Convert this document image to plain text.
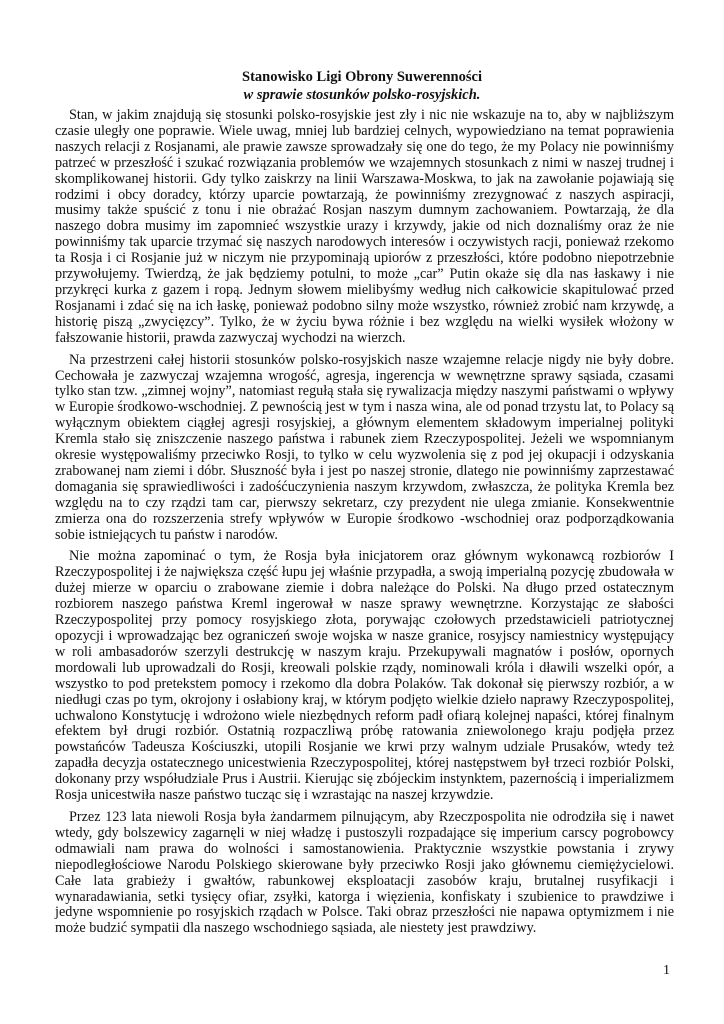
Stanowisko Ligi Obrony Suwerenności
w sprawie stosunków polsko-rosyjskich.

Stan, w jakim znajdują się stosunki polsko-rosyjskie jest zły i nic nie wskazuje na to, aby w najbliższym czasie uległy one poprawie. Wiele uwag, mniej lub bardziej celnych, wypowiedziano na temat poprawienia naszych relacji z Rosjanami, ale prawie zawsze sprowadzały się one do tego, że my Polacy nie powinniśmy patrzeć w przeszłość i szukać rozwiązania problemów we wzajemnych stosunkach z nimi w naszej trudnej i skomplikowanej historii. Gdy tylko zaiskrzy na linii Warszawa-Moskwa, to jak na zawołanie pojawiają się rodzimi i obcy doradcy, którzy uparcie powtarzają, że powinniśmy zrezygnować z naszych aspiracji, musimy także spuścić z tonu i nie obrażać Rosjan naszym dumnym zachowaniem. Powtarzają, że dla naszego dobra musimy im zapomnieć wszystkie urazy i krzywdy, jakie od nich doznaliśmy oraz że nie powinniśmy tak uparcie trzymać się naszych narodowych interesów i oczywistych racji, ponieważ rzekomo ta Rosja i ci Rosjanie już w niczym nie przypominają upiorów z przeszłości, które podobno niepotrzebnie przywołujemy. Twierdzą, że jak będziemy potulni, to może „car” Putin okaże się dla nas łaskawy i nie przykręci kurka z gazem i ropą. Jednym słowem mielibyśmy według nich całkowicie skapitulować przed Rosjanami i zdać się na ich łaskę, ponieważ podobno silny może wszystko, również zrobić nam krzywdę, a historię piszą „zwycięzcy”. Tylko, że w życiu bywa różnie i bez względu na wielki wysiłek włożony w fałszowanie historii, prawda zazwyczaj wychodzi na wierzch.

Na przestrzeni całej historii stosunków polsko-rosyjskich nasze wzajemne relacje nigdy nie były dobre. Cechowała je zazwyczaj wzajemna wrogość, agresja, ingerencja w wewnętrzne sprawy sąsiada, czasami tylko stan tzw. „zimnej wojny”, natomiast regułą stała się rywalizacja między naszymi państwami o wpływy w Europie środkowo-wschodniej. Z pewnością jest w tym i nasza wina, ale od ponad trzystu lat, to Polacy są wyłącznym obiektem ciągłej agresji rosyjskiej, a głównym elementem składowym imperialnej polityki Kremla stało się zniszczenie naszego państwa i rabunek ziem Rzeczypospolitej. Jeżeli we wspomnianym okresie występowaliśmy przeciwko Rosji, to tylko w celu wyzwolenia się z pod jej okupacji i odzyskania zrabowanej nam ziemi i dóbr. Słuszność była i jest po naszej stronie, dlatego nie powinniśmy zaprzestawać domagania się sprawiedliwości i zadośćuczynienia naszym krzywdom, zwłaszcza, że polityka Kremla bez względu na to czy rządzi tam car, pierwszy sekretarz, czy prezydent nie ulega zmianie. Konsekwentnie zmierza ona do rozszerzenia strefy wpływów w Europie środkowo -wschodniej oraz podporządkowania sobie istniejących tu państw i narodów.

Nie można zapominać o tym, że Rosja była inicjatorem oraz głównym wykonawcą rozbiorów I Rzeczypospolitej i że największa część łupu jej właśnie przypadła, a swoją imperialną pozycję zbudowała w dużej mierze w oparciu o zrabowane ziemie i dobra należące do Polski. Na długo przed ostatecznym rozbiorem naszego państwa Kreml ingerował w nasze sprawy wewnętrzne. Korzystając ze słabości Rzeczypospolitej przy pomocy rosyjskiego złota, porywając czołowych przedstawicieli patriotycznej opozycji i wprowadzając bez ograniczeń swoje wojska w nasze granice, rosyjscy namiestnicy występujący w roli ambasadorów szerzyli destrukcję w naszym kraju. Przekupywali magnatów i posłów, opornych mordowali lub uprowadzali do Rosji, kreowali polskie rządy, nominowali króla i dławili wszelki opór, a wszystko to pod pretekstem pomocy i rzekomo dla dobra Polaków. Tak dokonał się pierwszy rozbiór, a w niedługi czas po tym, okrojony i osłabiony kraj, w którym podjęto wielkie dzieło naprawy Rzeczypospolitej, uchwalono Konstytucję i wdrożono wiele niezbędnych reform padł ofiarą kolejnej napaści, której finalnym efektem był drugi rozbiór. Ostatnią rozpaczliwą próbę ratowania zniewolonego kraju podjęła przez powstańców Tadeusza Kościuszki, utopili Rosjanie we krwi przy walnym udziale Prusaków, wtedy też zapadła decyzja ostatecznego unicestwienia Rzeczypospolitej, której następstwem był trzeci rozbiór Polski, dokonany przy współudziale Prus i Austrii. Kierując się zbójeckim instynktem, pazernością i imperializmem Rosja unicestwiła nasze państwo tucząc się i wzrastając na naszej krzywdzie.

Przez 123 lata niewoli Rosja była żandarmem pilnującym, aby Rzeczpospolita nie odrodziła się i nawet wtedy, gdy bolszewicy zagarnęli w niej władzę i pustoszyli rozpadające się imperium carscy pogrobowcy odmawiali nam prawa do wolności i samostanowienia. Praktycznie wszystkie powstania i zrywy niepodległościowe Narodu Polskiego skierowane były przeciwko Rosji jako głównemu ciemiężycielowi. Całe lata grabieży i gwałtów, rabunkowej eksploatacji zasobów kraju, brutalnej rusyfikacji i wynaradawiania, setki tysięcy ofiar, zsyłki, katorga i więzienia, konfiskaty i szubienice to prawdziwe i jedyne wspomnienie po rosyjskich rządach w Polsce. Taki obraz przeszłości nie napawa optymizmem i nie może budzić sympatii dla naszego wschodniego sąsiada, ale niestety jest prawdziwy.

1
